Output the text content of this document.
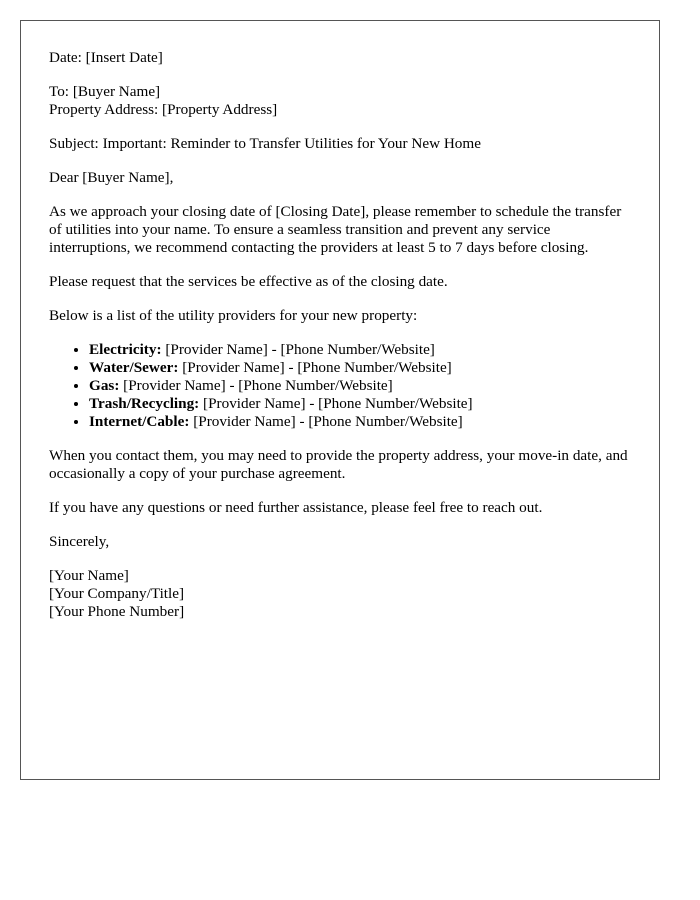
Date: [Insert Date]

To: [Buyer Name]
Property Address: [Property Address]

Subject: Important: Reminder to Transfer Utilities for Your New Home

Dear [Buyer Name],

As we approach your closing date of [Closing Date], please remember to schedule the transfer of utilities into your name. To ensure a seamless transition and prevent any service interruptions, we recommend contacting the providers at least 5 to 7 days before closing.

Please request that the services be effective as of the closing date.

Below is a list of the utility providers for your new property:

• Electricity: [Provider Name] - [Phone Number/Website]
• Water/Sewer: [Provider Name] - [Phone Number/Website]
• Gas: [Provider Name] - [Phone Number/Website]
• Trash/Recycling: [Provider Name] - [Phone Number/Website]
• Internet/Cable: [Provider Name] - [Phone Number/Website]

When you contact them, you may need to provide the property address, your move-in date, and occasionally a copy of your purchase agreement.

If you have any questions or need further assistance, please feel free to reach out.

Sincerely,

[Your Name]
[Your Company/Title]
[Your Phone Number]
